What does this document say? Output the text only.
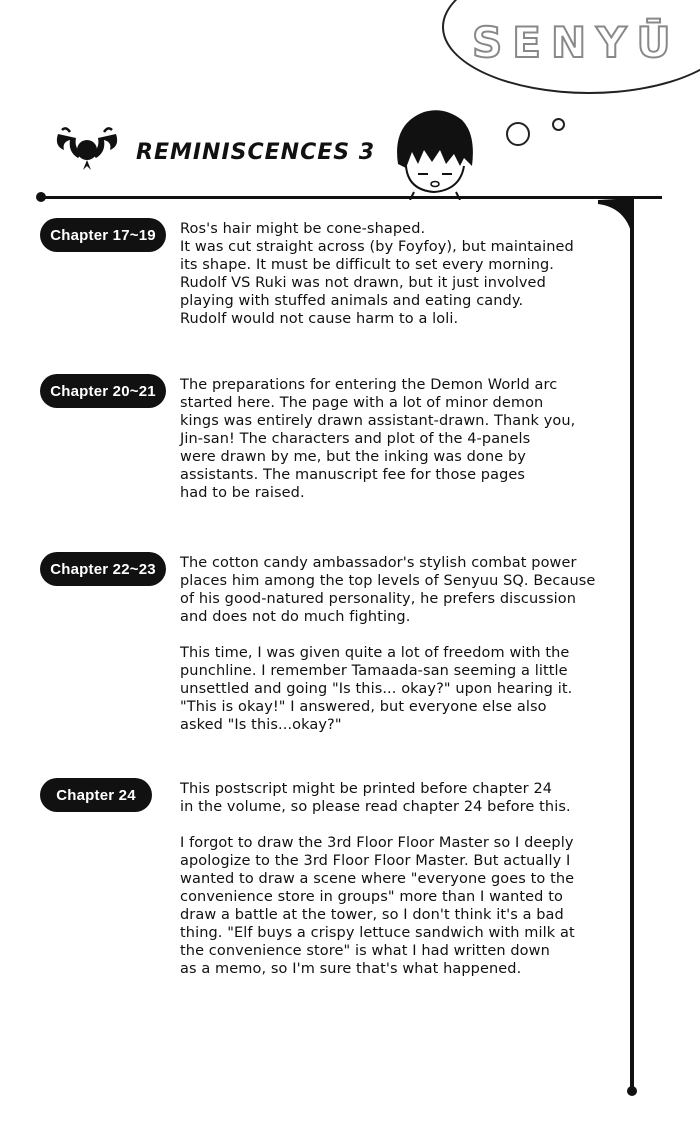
SENYŪ
REMINISCENCES 3
Chapter 17~19	Ros's hair might be cone-shaped.
It was cut straight across (by Foyfoy), but maintained
its shape. It must be difficult to set every morning.
Rudolf VS Ruki was not drawn, but it just involved
playing with stuffed animals and eating candy.
Rudolf would not cause harm to a loli.
Chapter 20~21	The preparations for entering the Demon World arc
started here. The page with a lot of minor demon
kings was entirely drawn assistant-drawn. Thank you,
Jin-san! The characters and plot of the 4-panels
were drawn by me, but the inking was done by
assistants. The manuscript fee for those pages
had to be raised.
Chapter 22~23	The cotton candy ambassador's stylish combat power
places him among the top levels of Senyuu SQ. Because
of his good-natured personality, he prefers discussion
and does not do much fighting.
This time, I was given quite a lot of freedom with the
punchline. I remember Tamaada-san seeming a little
unsettled and going "Is this... okay?" upon hearing it.
"This is okay!" I answered, but everyone else also
asked "Is this...okay?"
Chapter 24	This postscript might be printed before chapter 24
in the volume, so please read chapter 24 before this.
I forgot to draw the 3rd Floor Floor Master so I deeply
apologize to the 3rd Floor Floor Master. But actually I
wanted to draw a scene where "everyone goes to the
convenience store in groups" more than I wanted to
draw a battle at the tower, so I don't think it's a bad
thing. "Elf buys a crispy lettuce sandwich with milk at
the convenience store" is what I had written down
as a memo, so I'm sure that's what happened.
